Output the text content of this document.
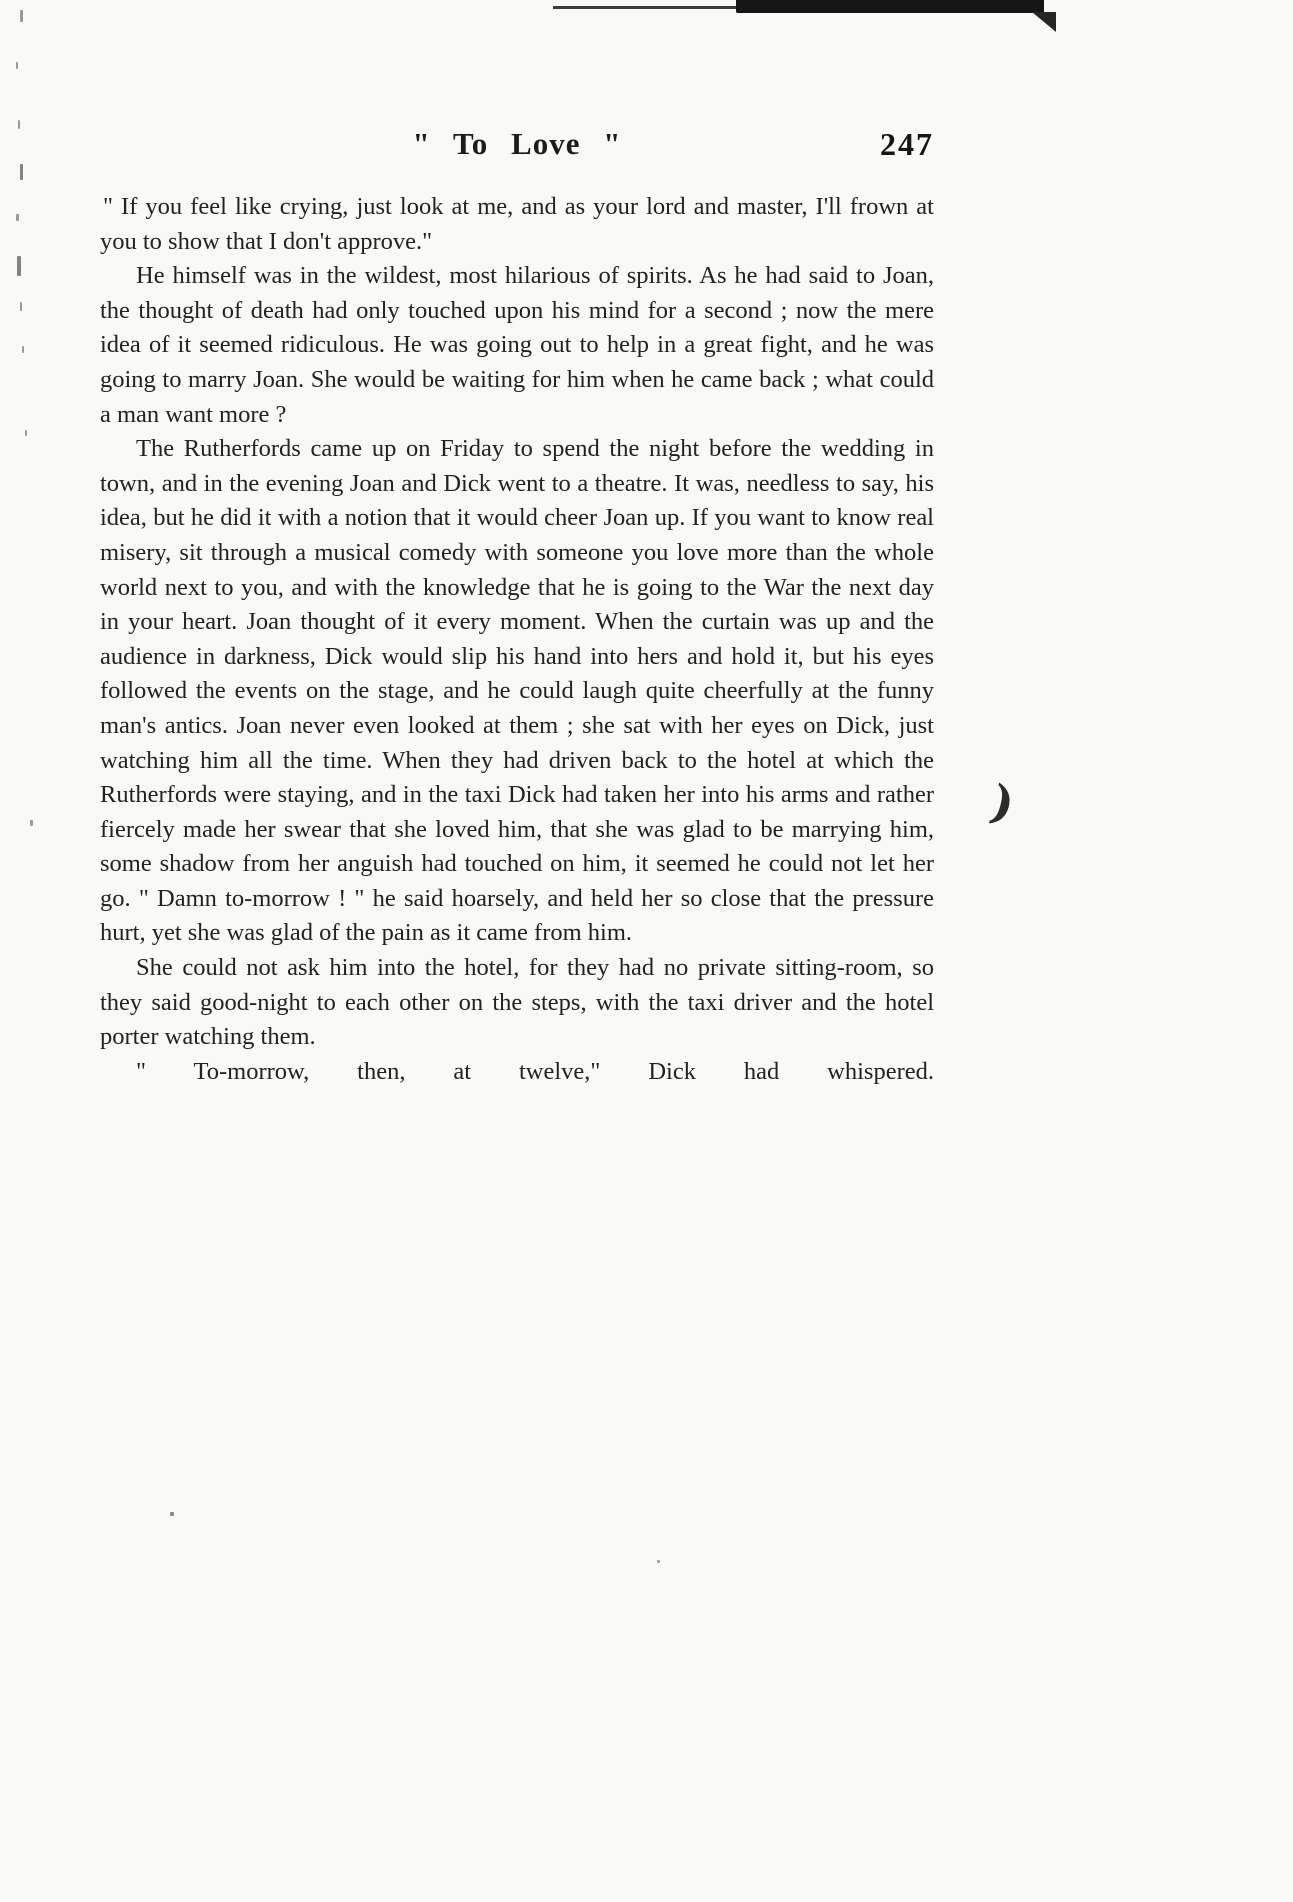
)
" To Love "	247

" If you feel like crying, just look at me, and as your lord and master, I'll frown at you to show that I don't approve."

He himself was in the wildest, most hilarious of spirits. As he had said to Joan, the thought of death had only touched upon his mind for a second ; now the mere idea of it seemed ridiculous. He was going out to help in a great fight, and he was going to marry Joan. She would be waiting for him when he came back ; what could a man want more ?

The Rutherfords came up on Friday to spend the night before the wedding in town, and in the evening Joan and Dick went to a theatre. It was, needless to say, his idea, but he did it with a notion that it would cheer Joan up. If you want to know real misery, sit through a musical comedy with someone you love more than the whole world next to you, and with the knowledge that he is going to the War the next day in your heart. Joan thought of it every moment. When the curtain was up and the audience in darkness, Dick would slip his hand into hers and hold it, but his eyes followed the events on the stage, and he could laugh quite cheerfully at the funny man's antics. Joan never even looked at them ; she sat with her eyes on Dick, just watching him all the time. When they had driven back to the hotel at which the Rutherfords were staying, and in the taxi Dick had taken her into his arms and rather fiercely made her swear that she loved him, that she was glad to be marrying him, some shadow from her anguish had touched on him, it seemed he could not let her go. " Damn to-morrow ! " he said hoarsely, and held her so close that the pressure hurt, yet she was glad of the pain as it came from him.

She could not ask him into the hotel, for they had no private sitting-room, so they said good-night to each other on the steps, with the taxi driver and the hotel porter watching them.

" To-morrow, then, at twelve," Dick had whispered.
